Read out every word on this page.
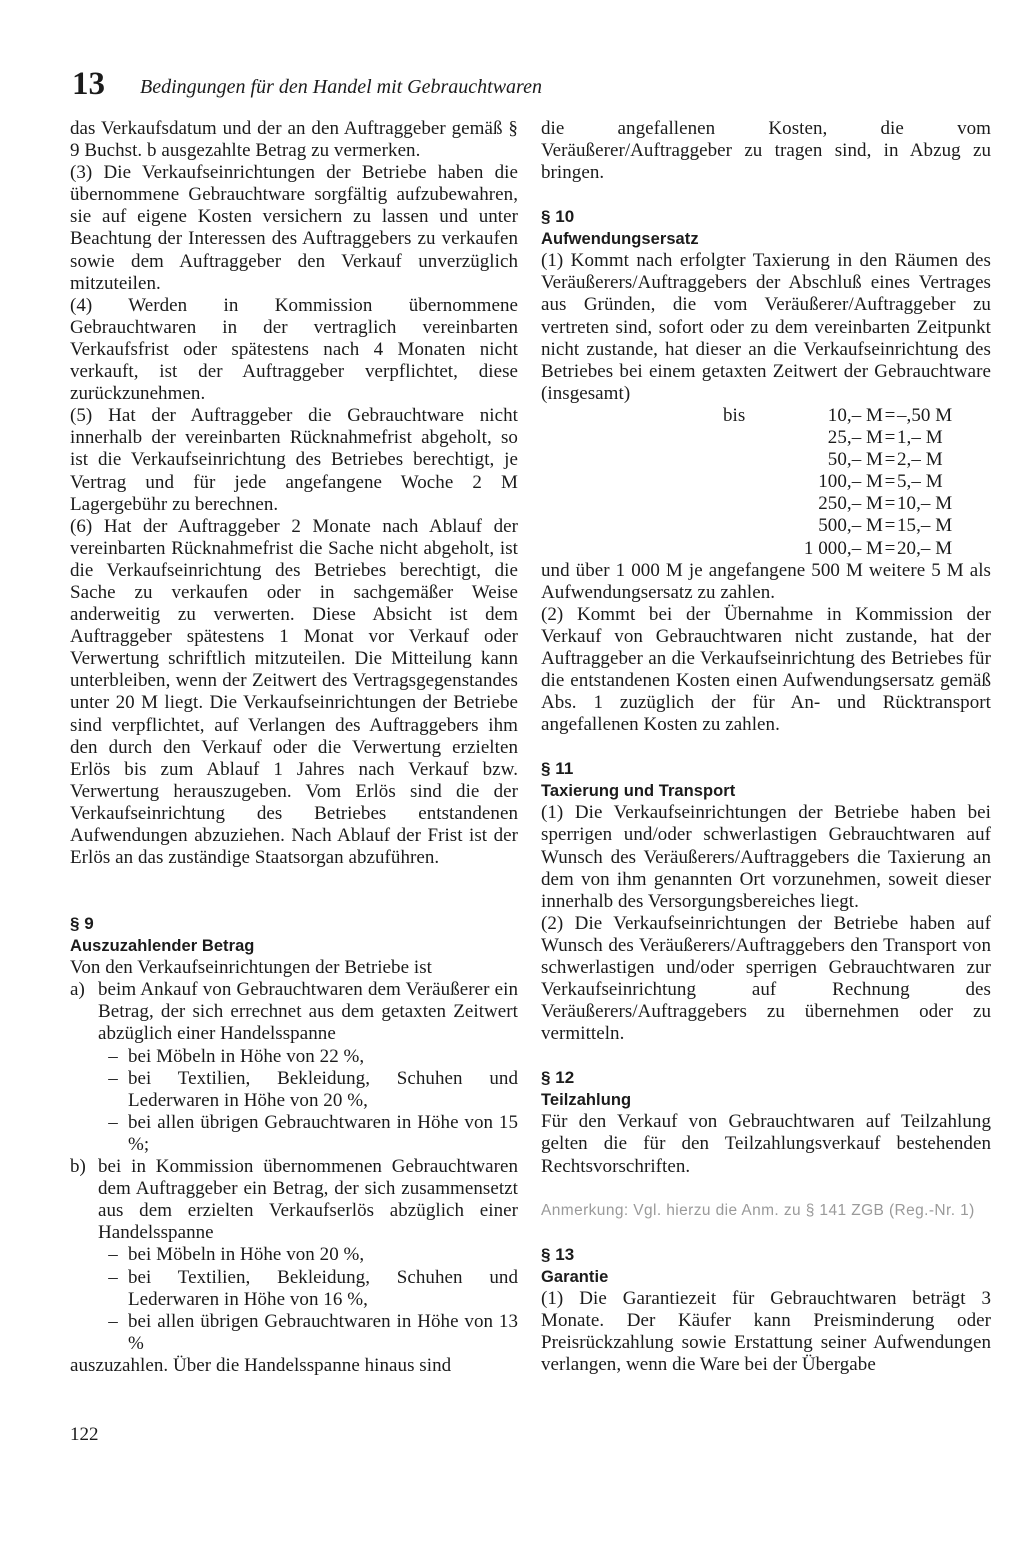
13 Bedingungen für den Handel mit Gebrauchtwaren

das Verkaufsdatum und der an den Auftraggeber gemäß § 9 Buchst. b ausgezahlte Betrag zu vermerken.

(3) Die Verkaufseinrichtungen der Betriebe haben die übernommene Gebrauchtware sorgfältig aufzubewahren, sie auf eigene Kosten versichern zu lassen und unter Beachtung der Interessen des Auftraggebers zu verkaufen sowie dem Auftraggeber den Verkauf unverzüglich mitzuteilen.

(4) Werden in Kommission übernommene Gebrauchtwaren in der vertraglich vereinbarten Verkaufsfrist oder spätestens nach 4 Monaten nicht verkauft, ist der Auftraggeber verpflichtet, diese zurückzunehmen.

(5) Hat der Auftraggeber die Gebrauchtware nicht innerhalb der vereinbarten Rücknahmefrist abgeholt, so ist die Verkaufseinrichtung des Betriebes berechtigt, je Vertrag und für jede angefangene Woche 2 M Lagergebühr zu berechnen.

(6) Hat der Auftraggeber 2 Monate nach Ablauf der vereinbarten Rücknahmefrist die Sache nicht abgeholt, ist die Verkaufseinrichtung des Betriebes berechtigt, die Sache zu verkaufen oder in sachgemäßer Weise anderweitig zu verwerten. Diese Absicht ist dem Auftraggeber spätestens 1 Monat vor Verkauf oder Verwertung schriftlich mitzuteilen. Die Mitteilung kann unterbleiben, wenn der Zeitwert des Vertragsgegenstandes unter 20 M liegt. Die Verkaufseinrichtungen der Betriebe sind verpflichtet, auf Verlangen des Auftraggebers ihm den durch den Verkauf oder die Verwertung erzielten Erlös bis zum Ablauf 1 Jahres nach Verkauf bzw. Verwertung herauszugeben. Vom Erlös sind die der Verkaufseinrichtung des Betriebes entstandenen Aufwendungen abzuziehen. Nach Ablauf der Frist ist der Erlös an das zuständige Staatsorgan abzuführen.

§ 9
Auszuzahlender Betrag

Von den Verkaufseinrichtungen der Betriebe ist

a) beim Ankauf von Gebrauchtwaren dem Veräußerer ein Betrag, der sich errechnet aus dem getaxten Zeitwert abzüglich einer Handelsspanne
– bei Möbeln in Höhe von 22 %,
– bei Textilien, Bekleidung, Schuhen und Lederwaren in Höhe von 20 %,
– bei allen übrigen Gebrauchtwaren in Höhe von 15 %;
b) bei in Kommission übernommenen Gebrauchtwaren dem Auftraggeber ein Betrag, der sich zusammensetzt aus dem erzielten Verkaufserlös abzüglich einer Handelsspanne
– bei Möbeln in Höhe von 20 %,
– bei Textilien, Bekleidung, Schuhen und Lederwaren in Höhe von 16 %,
– bei allen übrigen Gebrauchtwaren in Höhe von 13 %

auszuzahlen. Über die Handelsspanne hinaus sind

die angefallenen Kosten, die vom Veräußerer/Auftraggeber zu tragen sind, in Abzug zu bringen.

§ 10
Aufwendungsersatz

(1) Kommt nach erfolgter Taxierung in den Räumen des Veräußerers/Auftraggebers der Abschluß eines Vertrages aus Gründen, die vom Veräußerer/Auftraggeber zu vertreten sind, sofort oder zu dem vereinbarten Zeitpunkt nicht zustande, hat dieser an die Verkaufseinrichtung des Betriebes bei einem getaxten Zeitwert der Gebrauchtware (insgesamt)

bis	10,– M = –,50 M
25,– M = 1,– M
50,– M = 2,– M
100,– M = 5,– M
250,– M = 10,– M
500,– M = 15,– M
1 000,– M = 20,– M

und über 1 000 M je angefangene 500 M weitere 5 M als Aufwendungsersatz zu zahlen.

(2) Kommt bei der Übernahme in Kommission der Verkauf von Gebrauchtwaren nicht zustande, hat der Auftraggeber an die Verkaufseinrichtung des Betriebes für die entstandenen Kosten einen Aufwendungsersatz gemäß Abs. 1 zuzüglich der für An- und Rücktransport angefallenen Kosten zu zahlen.

§ 11
Taxierung und Transport

(1) Die Verkaufseinrichtungen der Betriebe haben bei sperrigen und/oder schwerlastigen Gebrauchtwaren auf Wunsch des Veräußerers/Auftraggebers die Taxierung an dem von ihm genannten Ort vorzunehmen, soweit dieser innerhalb des Versorgungsbereiches liegt.

(2) Die Verkaufseinrichtungen der Betriebe haben auf Wunsch des Veräußerers/Auftraggebers den Transport von schwerlastigen und/oder sperrigen Gebrauchtwaren zur Verkaufseinrichtung auf Rechnung des Veräußerers/Auftraggebers zu übernehmen oder zu vermitteln.

§ 12
Teilzahlung

Für den Verkauf von Gebrauchtwaren auf Teilzahlung gelten die für den Teilzahlungsverkauf bestehenden Rechtsvorschriften.

Anmerkung: Vgl. hierzu die Anm. zu § 141 ZGB (Reg.-Nr. 1)

§ 13
Garantie

(1) Die Garantiezeit für Gebrauchtwaren beträgt 3 Monate. Der Käufer kann Preisminderung oder Preisrückzahlung sowie Erstattung seiner Aufwendungen verlangen, wenn die Ware bei der Übergabe

122
